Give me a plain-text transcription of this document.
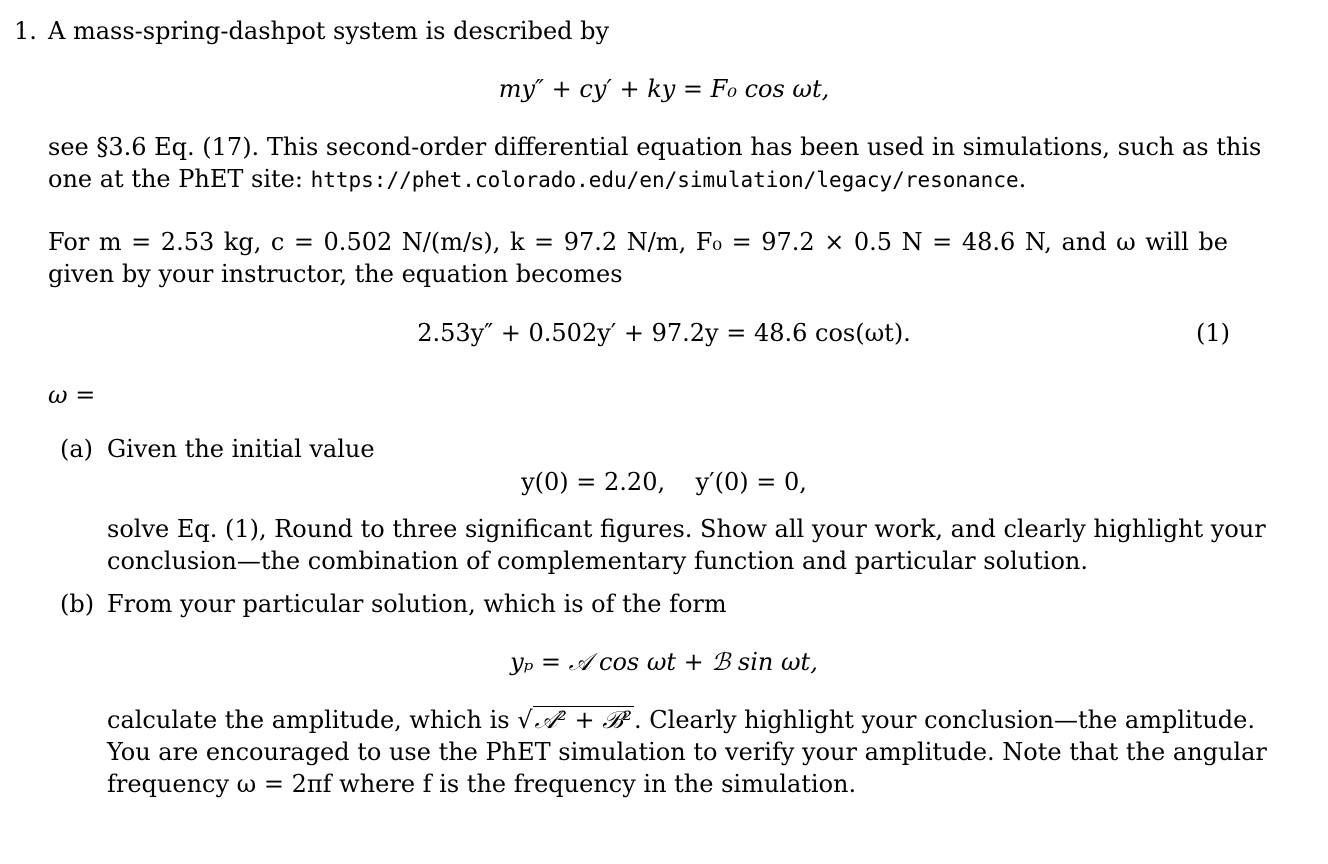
1. A mass-spring-dashpot system is described by
my″ + cy′ + ky = F₀ cos ωt,
see §3.6 Eq. (17). This second-order differential equation has been used in simulations, such as this
one at the PhET site: https://phet.colorado.edu/en/simulation/legacy/resonance.
For m = 2.53 kg, c = 0.502 N/(m/s), k = 97.2 N/m, F₀ = 97.2 × 0.5 N = 48.6 N, and ω will be
given by your instructor, the equation becomes
2.53y″ + 0.502y′ + 97.2y = 48.6 cos(ωt).	(1)
ω =
(a) Given the initial value
y(0) = 2.20,    y′(0) = 0,
solve Eq. (1), Round to three significant figures. Show all your work, and clearly highlight your
conclusion—the combination of complementary function and particular solution.
(b) From your particular solution, which is of the form
yₚ = 𝒜 cos ωt + ℬ sin ωt,
calculate the amplitude, which is √𝒜² + ℬ². Clearly highlight your conclusion—the amplitude.
You are encouraged to use the PhET simulation to verify your amplitude. Note that the angular
frequency ω = 2πf where f is the frequency in the simulation.
